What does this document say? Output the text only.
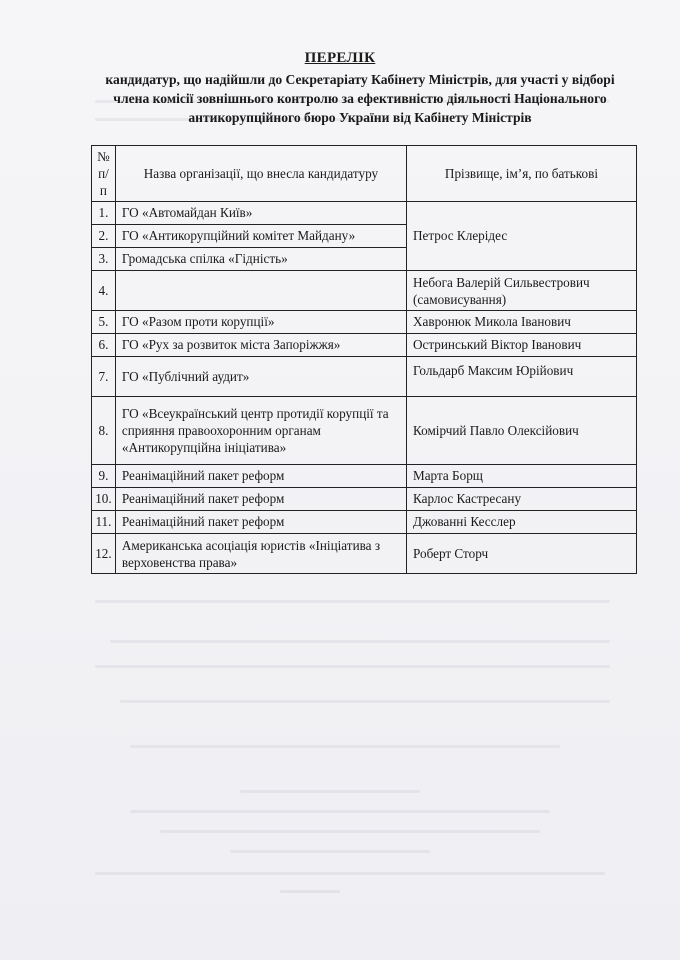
ПЕРЕЛІК
кандидатур, що надійшли до Секретаріату Кабінету Міністрів, для участі у відборі члена комісії зовнішнього контролю за ефективністю діяльності Національного антикорупційного бюро України від Кабінету Міністрів
№ п/п	Назва організації, що внесла кандидатуру	Прізвище, ім’я, по батькові
1.	ГО «Автомайдан Київ»	Петрос Клерідес
2.	ГО «Антикорупційний комітет Майдану»	
3.	Громадська спілка «Гідність»	
4.		Небога Валерій Сильвестрович (самовисування)
5.	ГО «Разом проти корупції»	Хавронюк Микола Іванович
6.	ГО «Рух за розвиток міста Запоріжжя»	Остринський Віктор Іванович
7.	ГО «Публічний аудит»	Гольдарб Максим Юрійович
8.	ГО «Всеукраїнський центр протидії корупції та сприяння правоохоронним органам «Антикорупційна ініціатива»	Комірчий Павло Олексійович
9.	Реанімаційний пакет реформ	Марта Борщ
10.	Реанімаційний пакет реформ	Карлос Кастресану
11.	Реанімаційний пакет реформ	Джованні Кесслер
12.	Американська асоціація юристів «Ініціатива з верховенства права»	Роберт Сторч
